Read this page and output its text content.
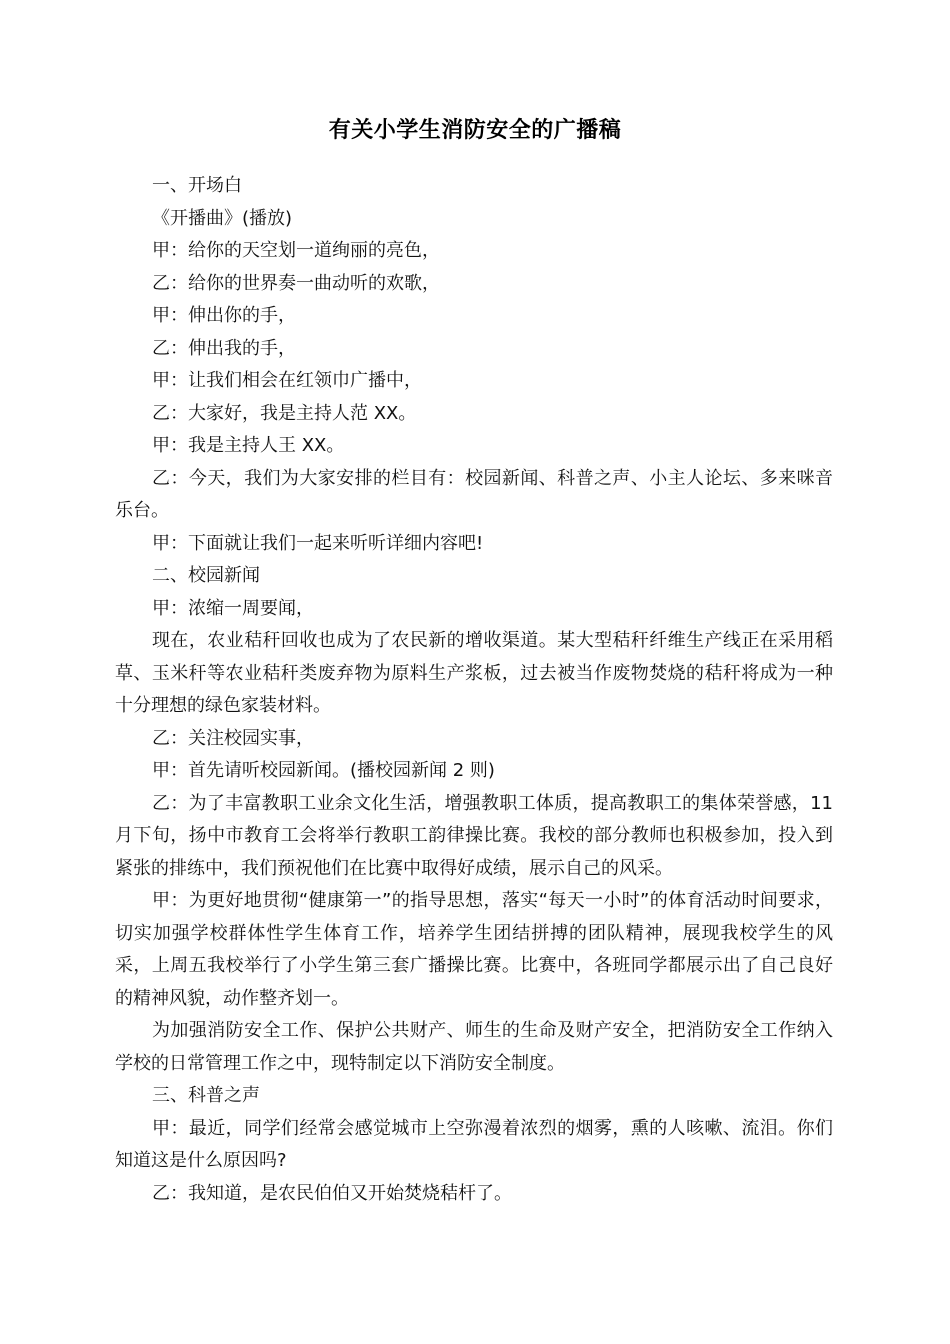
有关小学生消防安全的广播稿

一、开场白

《开播曲》(播放)

甲：给你的天空划一道绚丽的亮色，

乙：给你的世界奏一曲动听的欢歌，

甲：伸出你的手，

乙：伸出我的手，

甲：让我们相会在红领巾广播中，

乙：大家好，我是主持人范 XX。

甲：我是主持人王 XX。

乙：今天，我们为大家安排的栏目有：校园新闻、科普之声、小主人论坛、多来咪音乐台。

甲：下面就让我们一起来听听详细内容吧!

二、校园新闻

甲：浓缩一周要闻，

现在，农业秸秆回收也成为了农民新的增收渠道。某大型秸秆纤维生产线正在采用稻草、玉米秆等农业秸秆类废弃物为原料生产浆板，过去被当作废物焚烧的秸秆将成为一种十分理想的绿色家装材料。

乙：关注校园实事，

甲：首先请听校园新闻。(播校园新闻 2 则)

乙：为了丰富教职工业余文化生活，增强教职工体质，提高教职工的集体荣誉感，11 月下旬，扬中市教育工会将举行教职工韵律操比赛。我校的部分教师也积极参加，投入到紧张的排练中，我们预祝他们在比赛中取得好成绩，展示自己的风采。

甲：为更好地贯彻“健康第一”的指导思想，落实“每天一小时”的体育活动时间要求，切实加强学校群体性学生体育工作，培养学生团结拼搏的团队精神，展现我校学生的风采，上周五我校举行了小学生第三套广播操比赛。比赛中，各班同学都展示出了自己良好的精神风貌，动作整齐划一。

为加强消防安全工作、保护公共财产、师生的生命及财产安全，把消防安全工作纳入学校的日常管理工作之中，现特制定以下消防安全制度。

三、科普之声

甲：最近，同学们经常会感觉城市上空弥漫着浓烈的烟雾，熏的人咳嗽、流泪。你们知道这是什么原因吗?

乙：我知道，是农民伯伯又开始焚烧秸杆了。
